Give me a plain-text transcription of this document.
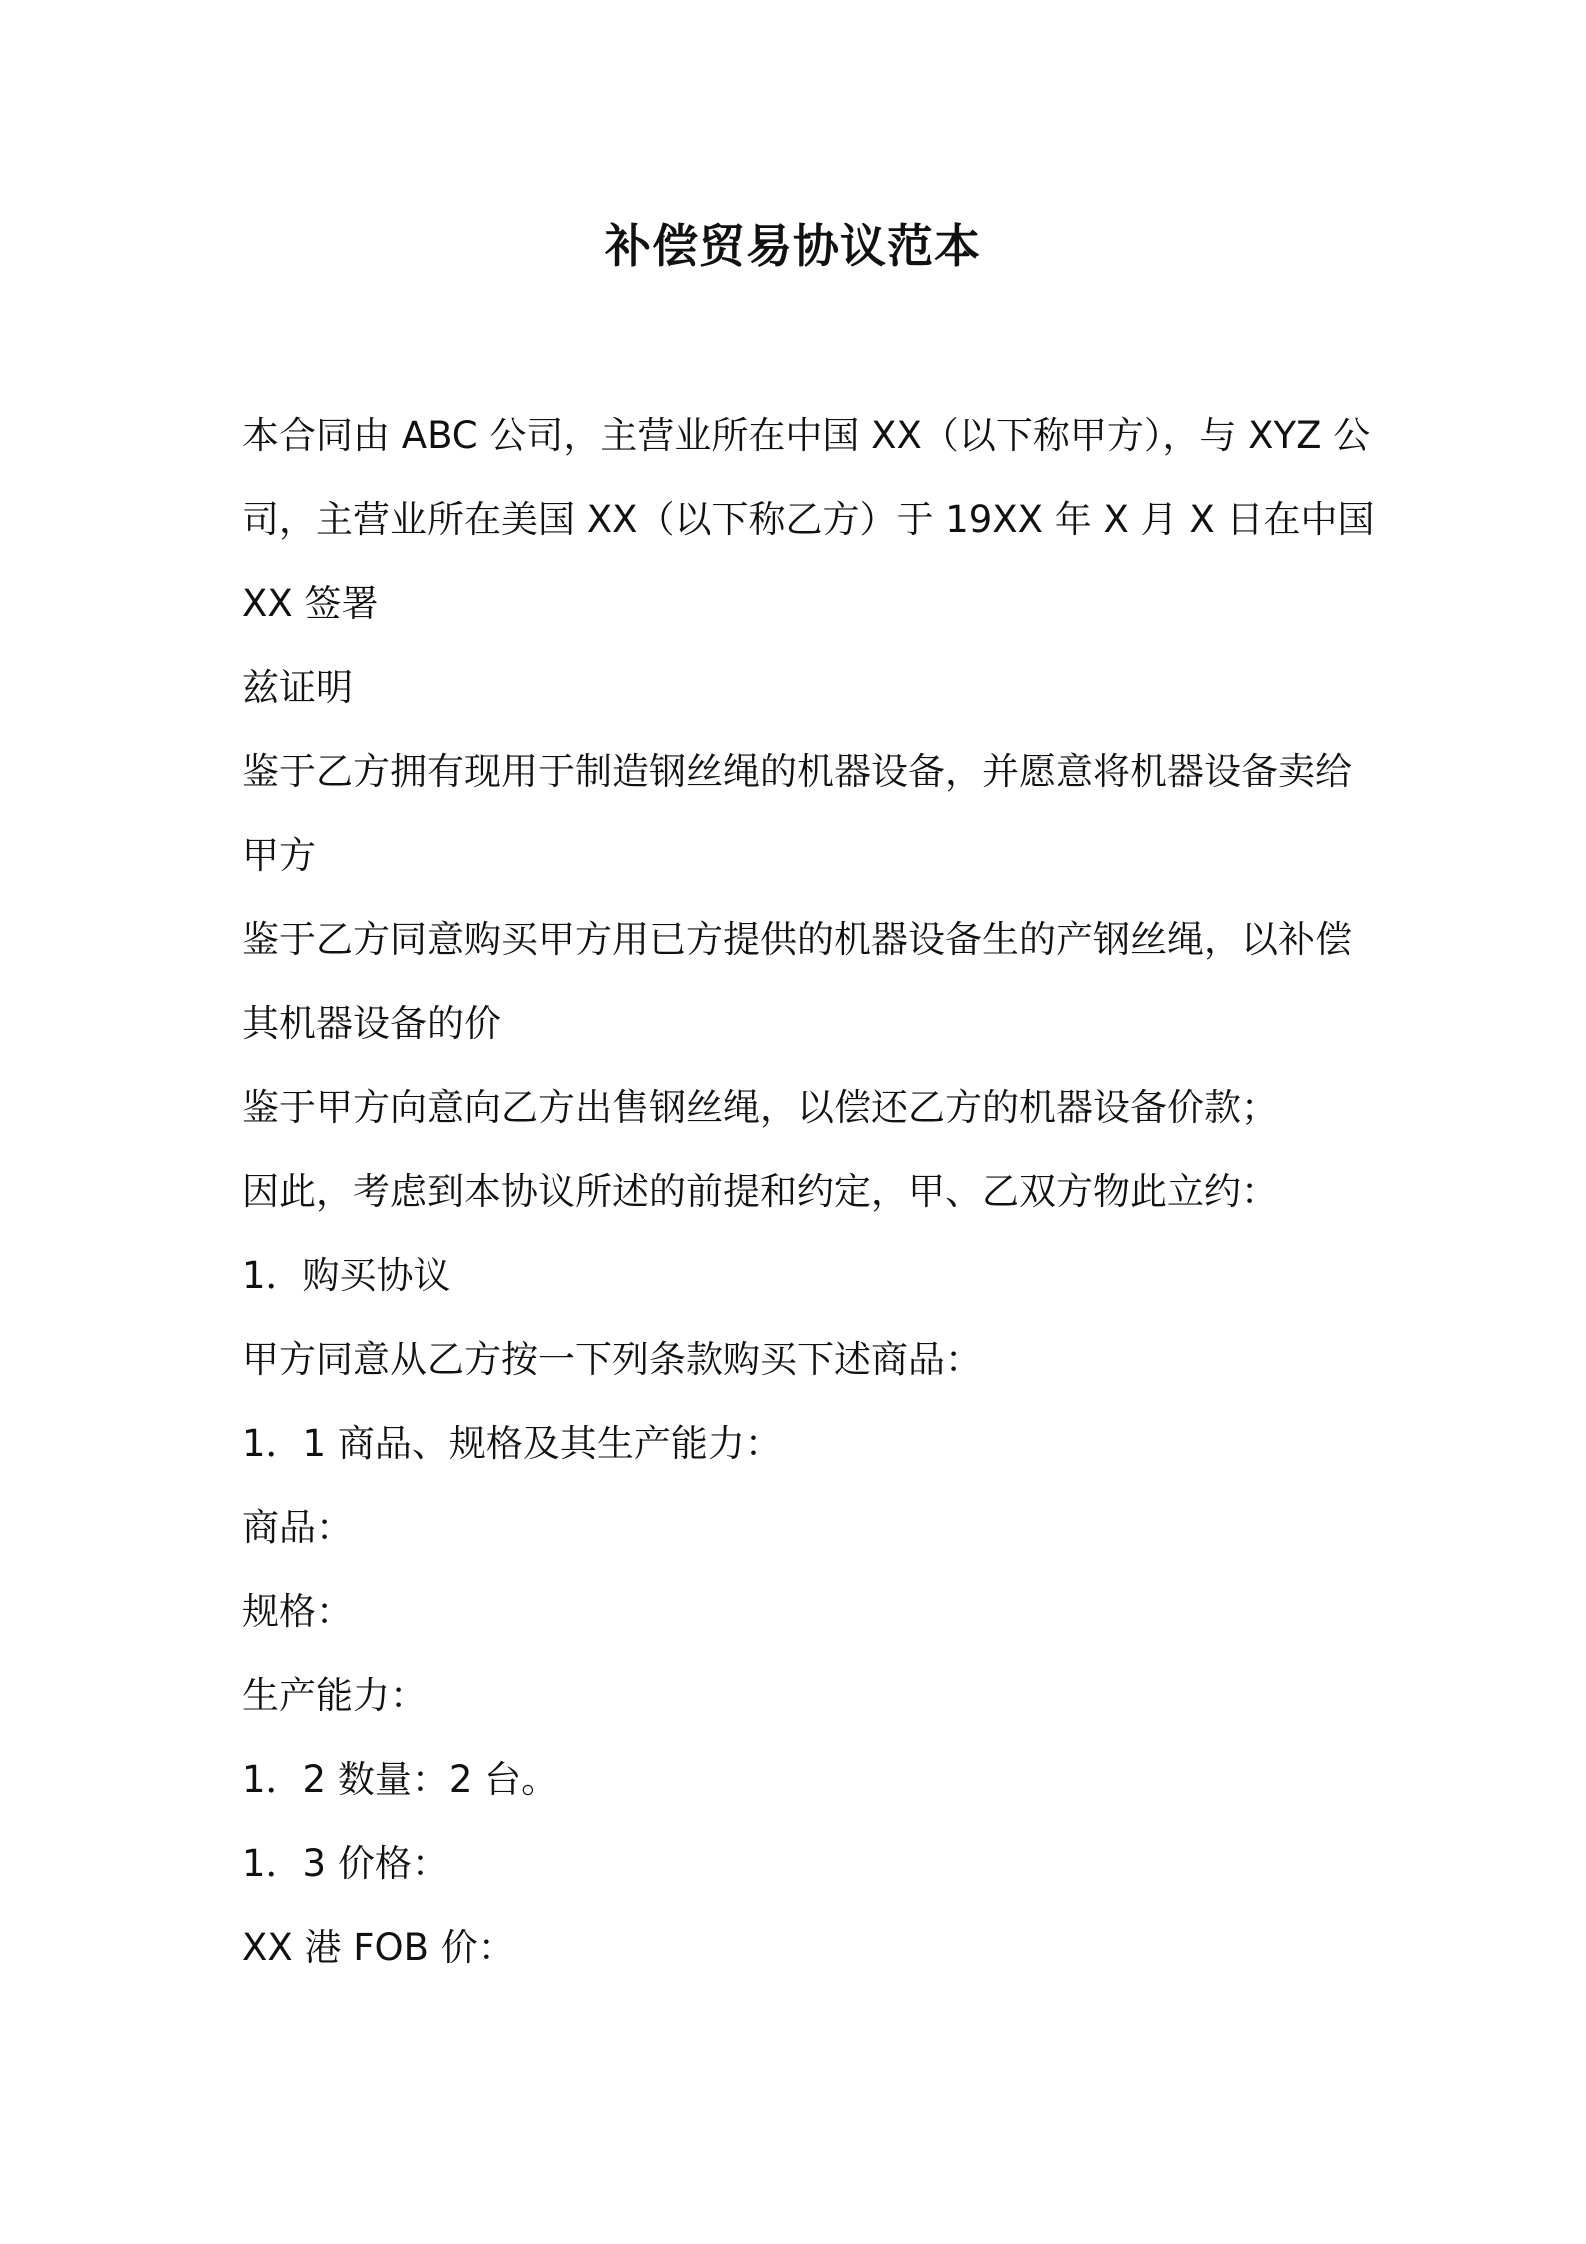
补偿贸易协议范本
本合同由 ABC 公司，主营业所在中国 XX（以下称甲方），与 XYZ 公
司，主营业所在美国 XX（以下称乙方）于 19XX 年 X 月 X 日在中国
XX 签署
兹证明
鉴于乙方拥有现用于制造钢丝绳的机器设备，并愿意将机器设备卖给
甲方
鉴于乙方同意购买甲方用已方提供的机器设备生的产钢丝绳，以补偿
其机器设备的价
鉴于甲方向意向乙方出售钢丝绳，以偿还乙方的机器设备价款；
因此，考虑到本协议所述的前提和约定，甲、乙双方物此立约：
1．购买协议
甲方同意从乙方按一下列条款购买下述商品：
1．1 商品、规格及其生产能力：
商品：
规格：
生产能力：
1．2 数量：2 台。
1．3 价格：
XX 港 FOB 价：
